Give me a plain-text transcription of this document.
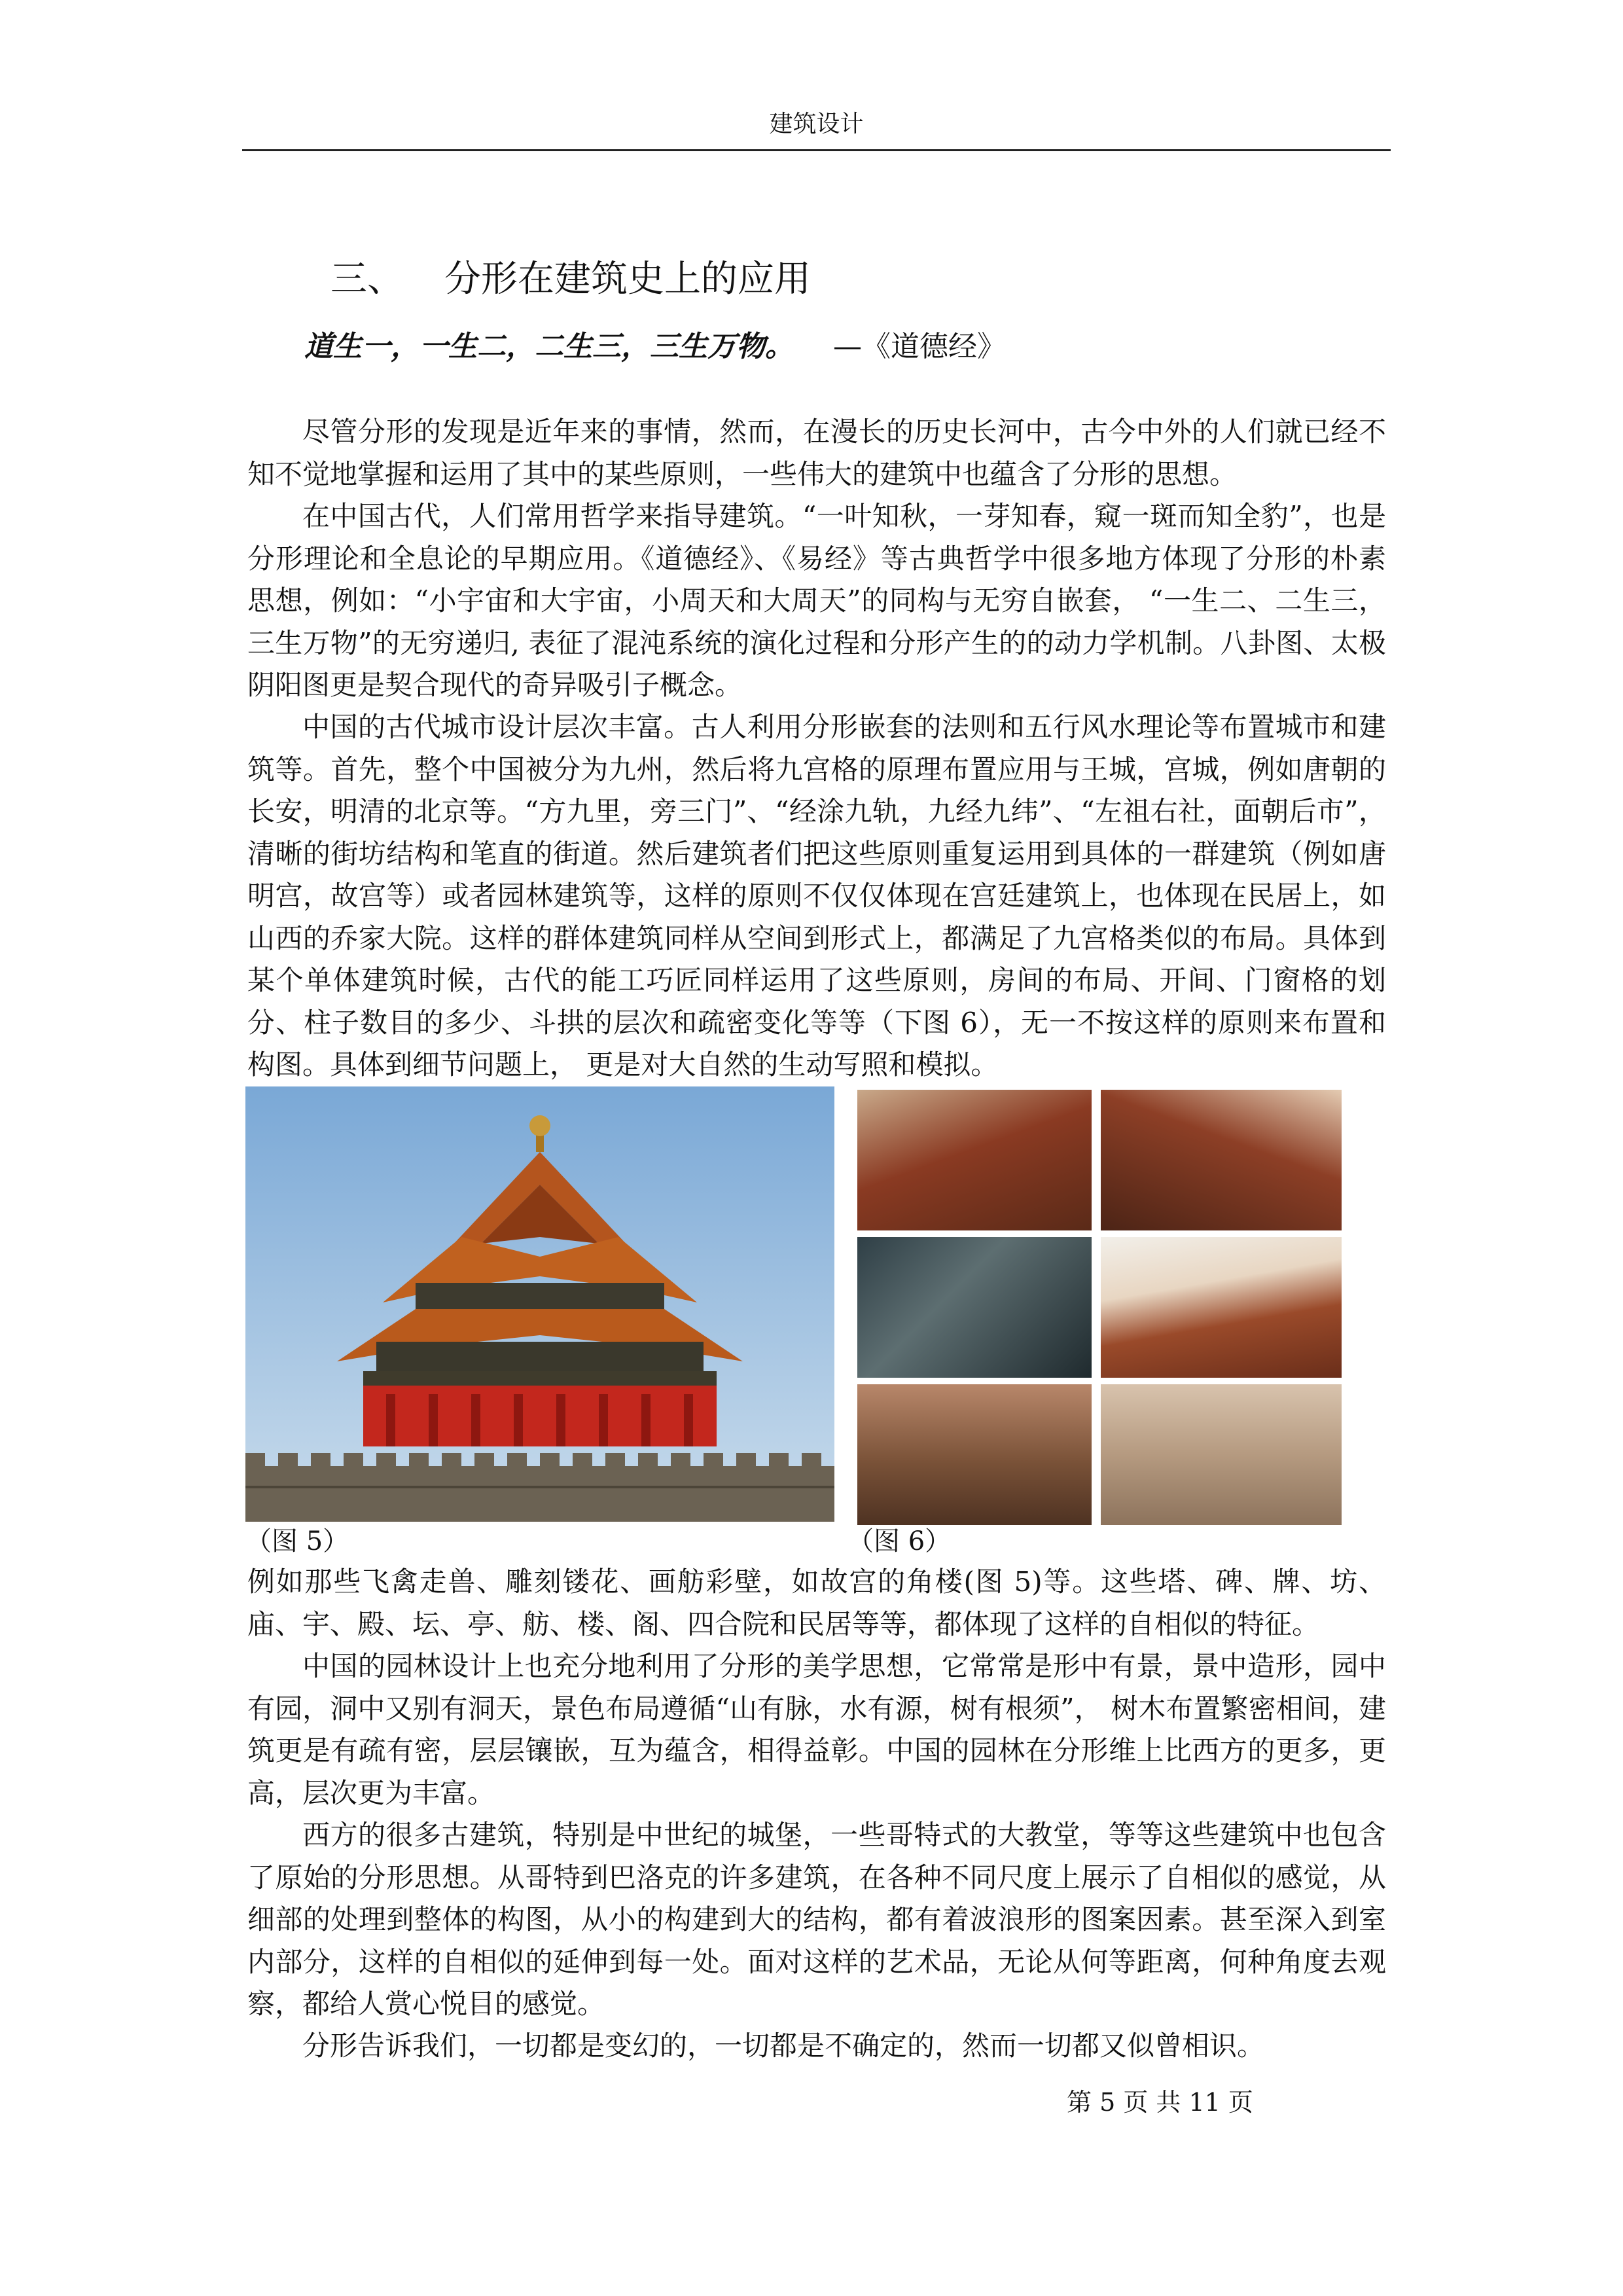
建筑设计
三、 分形在建筑史上的应用
道生一，一生二，二生三，三生万物。 —《道德经》

尽管分形的发现是近年来的事情，然而，在漫长的历史长河中，古今中外的人们就已经不知不觉地掌握和运用了其中的某些原则，一些伟大的建筑中也蕴含了分形的思想。

在中国古代，人们常用哲学来指导建筑。“一叶知秋，一芽知春，窥一斑而知全豹”，也是分形理论和全息论的早期应用。《道德经》、《易经》等古典哲学中很多地方体现了分形的朴素思想，例如：“小宇宙和大宇宙，小周天和大周天”的同构与无穷自嵌套， “一生二、二生三，三生万物”的无穷递归, 表征了混沌系统的演化过程和分形产生的的动力学机制。八卦图、太极阴阳图更是契合现代的奇异吸引子概念。

中国的古代城市设计层次丰富。古人利用分形嵌套的法则和五行风水理论等布置城市和建筑等。首先，整个中国被分为九州，然后将九宫格的原理布置应用与王城，宫城，例如唐朝的长安，明清的北京等。“方九里，旁三门”、“经涂九轨，九经九纬”、“左祖右社，面朝后市”，清晰的街坊结构和笔直的街道。然后建筑者们把这些原则重复运用到具体的一群建筑（例如唐明宫，故宫等）或者园林建筑等，这样的原则不仅仅体现在宫廷建筑上，也体现在民居上，如山西的乔家大院。这样的群体建筑同样从空间到形式上，都满足了九宫格类似的布局。具体到某个单体建筑时候，古代的能工巧匠同样运用了这些原则，房间的布局、开间、门窗格的划分、柱子数目的多少、斗拱的层次和疏密变化等等（下图 6），无一不按这样的原则来布置和构图。具体到细节问题上， 更是对大自然的生动写照和模拟。

（图 5）	（图 6）

例如那些飞禽走兽、雕刻镂花、画舫彩壁，如故宫的角楼(图 5)等。这些塔、碑、牌、坊、庙、宇、殿、坛、亭、舫、楼、阁、四合院和民居等等，都体现了这样的自相似的特征。

中国的园林设计上也充分地利用了分形的美学思想，它常常是形中有景，景中造形，园中有园，洞中又别有洞天，景色布局遵循“山有脉，水有源，树有根须”， 树木布置繁密相间，建筑更是有疏有密，层层镶嵌，互为蕴含，相得益彰。中国的园林在分形维上比西方的更多，更高，层次更为丰富。

西方的很多古建筑，特别是中世纪的城堡，一些哥特式的大教堂，等等这些建筑中也包含了原始的分形思想。从哥特到巴洛克的许多建筑，在各种不同尺度上展示了自相似的感觉，从细部的处理到整体的构图，从小的构建到大的结构，都有着波浪形的图案因素。甚至深入到室内部分，这样的自相似的延伸到每一处。面对这样的艺术品，无论从何等距离，何种角度去观察，都给人赏心悦目的感觉。

分形告诉我们，一切都是变幻的，一切都是不确定的，然而一切都又似曾相识。

第 5 页 共 11 页
